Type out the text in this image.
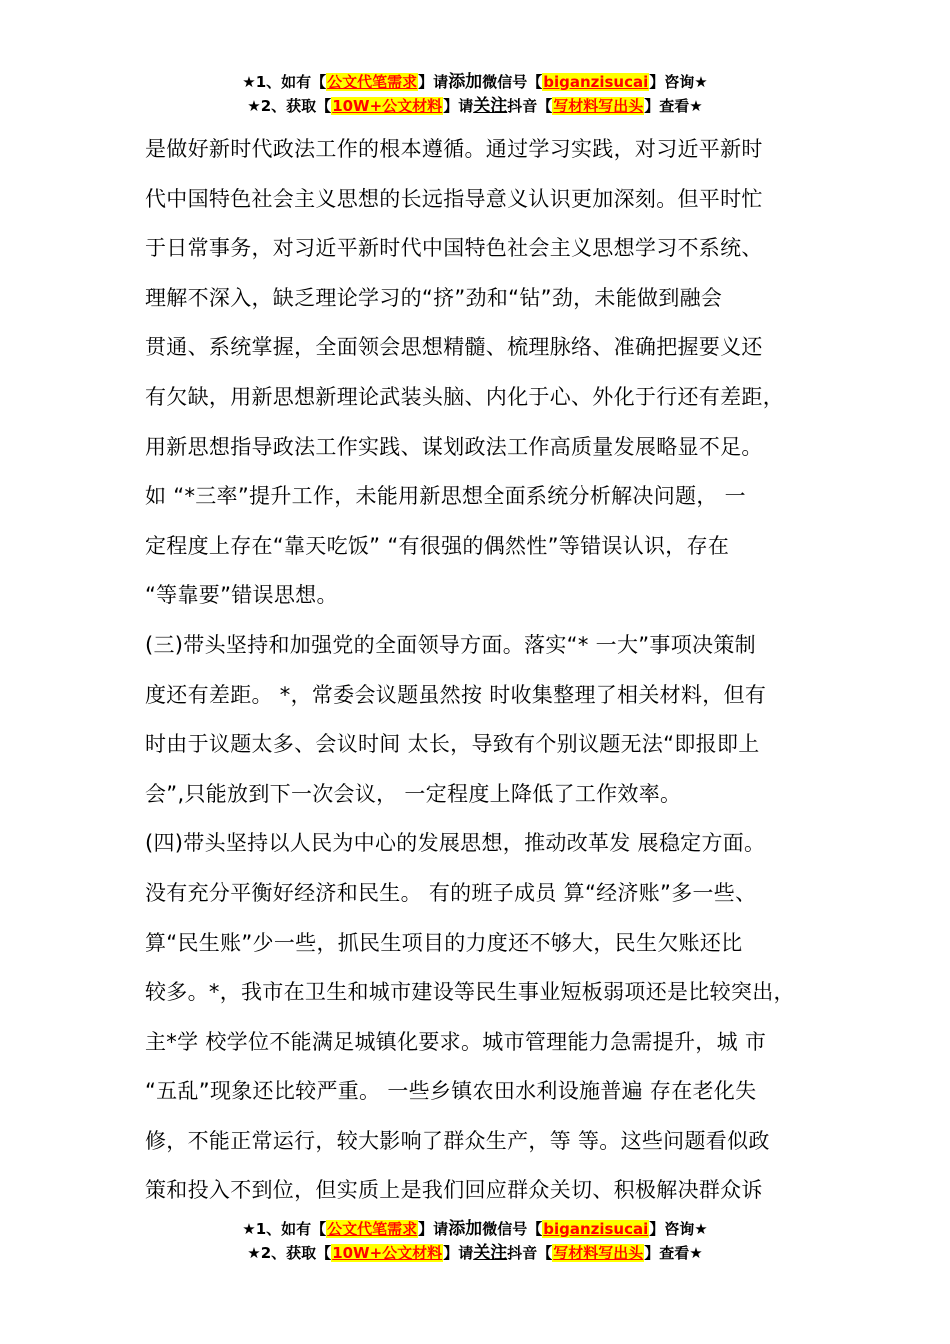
★1、如有【公文代笔需求】请添加微信号【biganzisucai】咨询★
★2、获取【10W+公文材料】请关注抖音【写材料写出头】查看★
是做好新时代政法工作的根本遵循。通过学习实践，对习近平新时
代中国特色社会主义思想的长远指导意义认识更加深刻。但平时忙
于日常事务，对习近平新时代中国特色社会主义思想学习不系统、
理解不深入，缺乏理论学习的“挤”劲和“钻”劲，未能做到融会
贯通、系统掌握，全面领会思想精髓、梳理脉络、准确把握要义还
有欠缺，用新思想新理论武装头脑、内化于心、外化于行还有差距，
用新思想指导政法工作实践、谋划政法工作高质量发展略显不足。
如 “*三率”提升工作，未能用新思想全面系统分析解决问题， 一
定程度上存在“靠天吃饭” “有很强的偶然性”等错误认识，存在
“等靠要”错误思想。
(三)带头坚持和加强党的全面领导方面。落实“* 一大”事项决策制
度还有差距。 *，常委会议题虽然按 时收集整理了相关材料，但有
时由于议题太多、会议时间 太长，导致有个别议题无法“即报即上
会”,只能放到下一次会议， 一定程度上降低了工作效率。
(四)带头坚持以人民为中心的发展思想，推动改革发 展稳定方面。
没有充分平衡好经济和民生。 有的班子成员 算“经济账”多一些、
算“民生账”少一些，抓民生项目的力度还不够大，民生欠账还比
较多。*，我市在卫生和城市建设等民生事业短板弱项还是比较突出，
主*学 校学位不能满足城镇化要求。城市管理能力急需提升，城 市
“五乱”现象还比较严重。 一些乡镇农田水利设施普遍 存在老化失
修，不能正常运行，较大影响了群众生产，等 等。这些问题看似政
策和投入不到位，但实质上是我们回应群众关切、积极解决群众诉
★1、如有【公文代笔需求】请添加微信号【biganzisucai】咨询★
★2、获取【10W+公文材料】请关注抖音【写材料写出头】查看★
